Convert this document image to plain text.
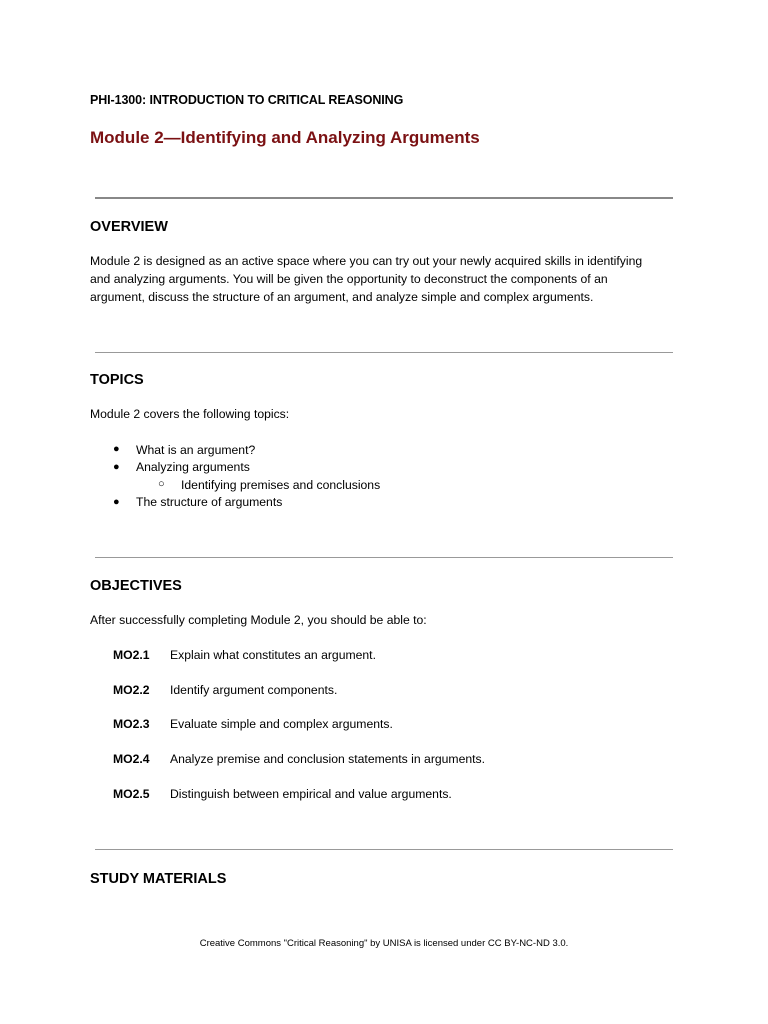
PHI-1300: INTRODUCTION TO CRITICAL REASONING
Module 2—Identifying and Analyzing Arguments
OVERVIEW
Module 2 is designed as an active space where you can try out your newly acquired skills in identifying
and analyzing arguments. You will be given the opportunity to deconstruct the components of an
argument, discuss the structure of an argument, and analyze simple and complex arguments.
TOPICS
Module 2 covers the following topics:
● What is an argument?
● Analyzing arguments
○ Identifying premises and conclusions
● The structure of arguments
OBJECTIVES
After successfully completing Module 2, you should be able to:
MO2.1 Explain what constitutes an argument.
MO2.2 Identify argument components.
MO2.3 Evaluate simple and complex arguments.
MO2.4 Analyze premise and conclusion statements in arguments.
MO2.5 Distinguish between empirical and value arguments.
STUDY MATERIALS
Creative Commons "Critical Reasoning" by UNISA is licensed under CC BY-NC-ND 3.0.
